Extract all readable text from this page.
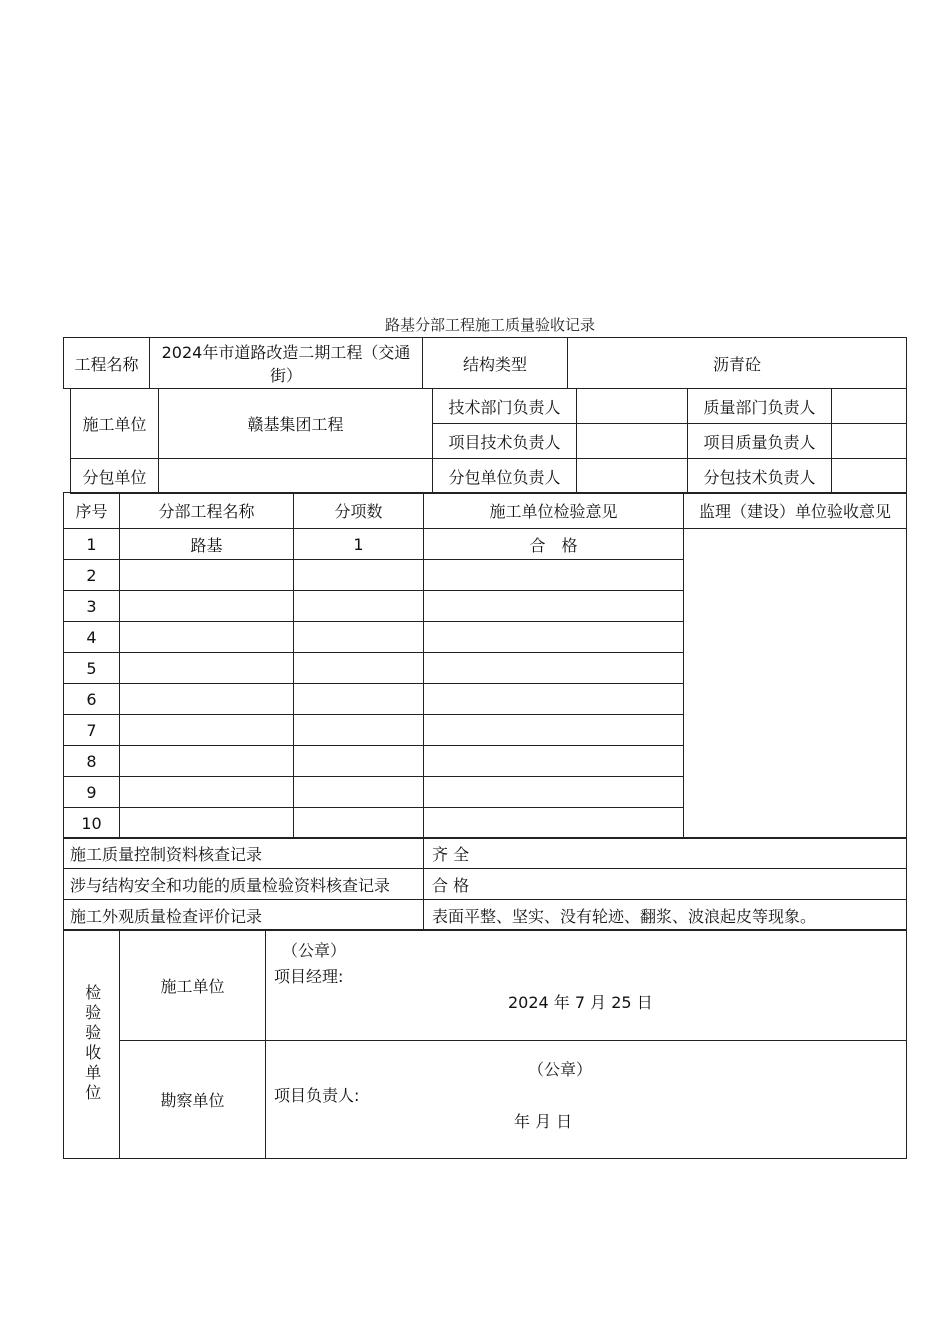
路基分部工程施工质量验收记录
工程名称	2024年市道路改造二期工程（交通街）	结构类型	沥青砼
施工单位	赣基集团工程	技术部门负责人		质量部门负责人	
		项目技术负责人		项目质量负责人	
分包单位		分包单位负责人		分包技术负责人	
序号	分部工程名称	分项数	施工单位检验意见	监理（建设）单位验收意见
1	路基	1	合　格	
2				
3				
4				
5				
6				
7				
8				
9				
10				
施工质量控制资料核查记录	齐 全
涉与结构安全和功能的质量检验资料核查记录	合 格
施工外观质量检查评价记录	表面平整、坚实、没有轮迹、翻浆、波浪起皮等现象。
检验验收单位	施工单位	（公章）
项目经理:
2024 年 7 月 25 日

	勘察单位	（公章）
项目负责人:
年 月 日
